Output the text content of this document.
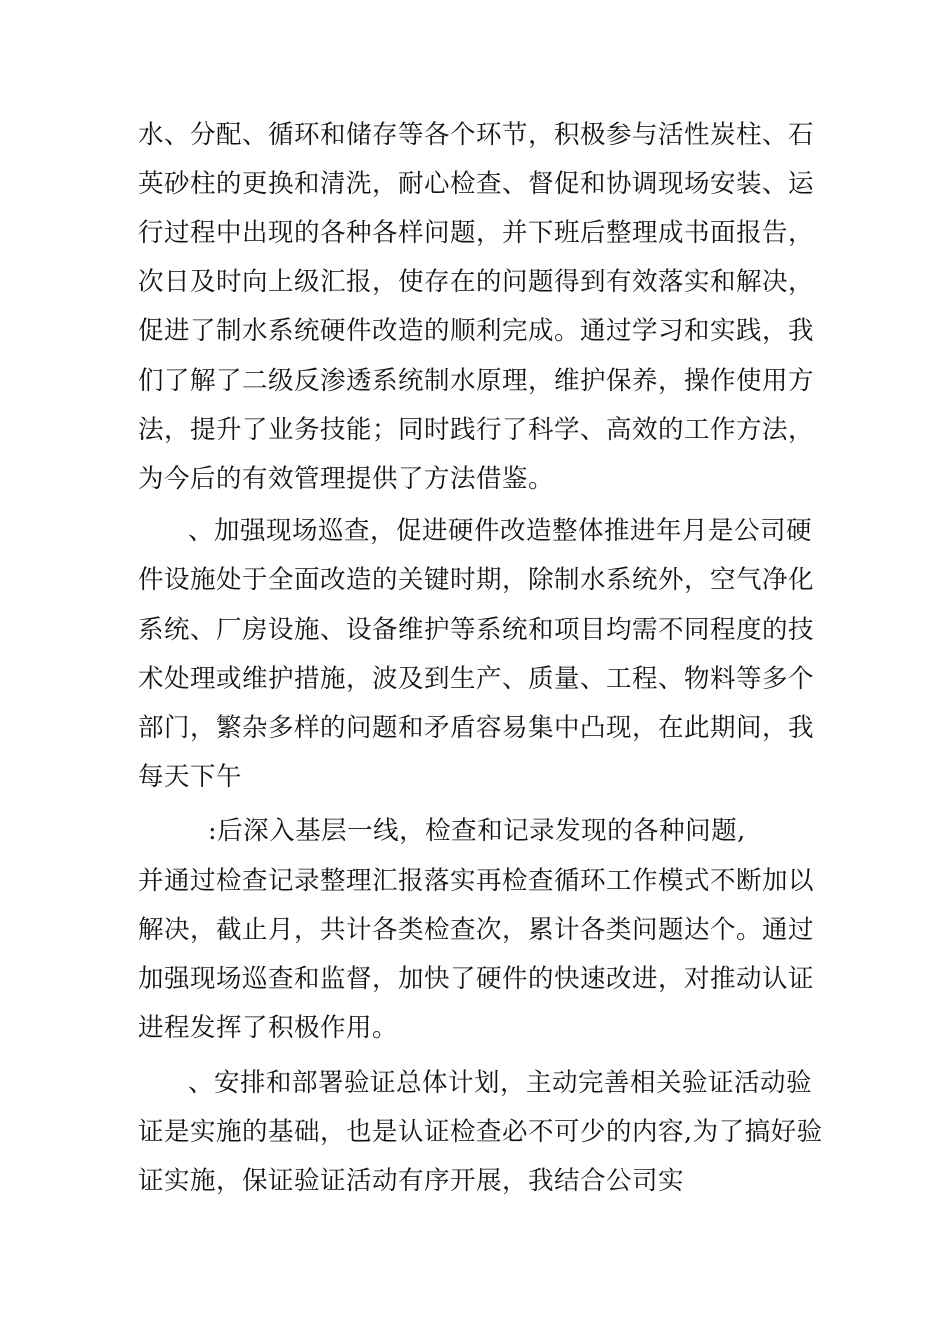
水、分配、循环和储存等各个环节，积极参与活性炭柱、石
英砂柱的更换和清洗，耐心检查、督促和协调现场安装、运
行过程中出现的各种各样问题，并下班后整理成书面报告，
次日及时向上级汇报，使存在的问题得到有效落实和解决，
促进了制水系统硬件改造的顺利完成。通过学习和实践，我
们了解了二级反渗透系统制水原理，维护保养，操作使用方
法，提升了业务技能；同时践行了科学、高效的工作方法，
为今后的有效管理提供了方法借鉴。
、加强现场巡查，促进硬件改造整体推进年月是公司硬
件设施处于全面改造的关键时期，除制水系统外，空气净化
系统、厂房设施、设备维护等系统和项目均需不同程度的技
术处理或维护措施，波及到生产、质量、工程、物料等多个
部门，繁杂多样的问题和矛盾容易集中凸现，在此期间，我
每天下午
:后深入基层一线，检查和记录发现的各种问题,
并通过检查记录整理汇报落实再检查循环工作模式不断加以
解决，截止月，共计各类检查次，累计各类问题达个。通过
加强现场巡查和监督，加快了硬件的快速改进，对推动认证
进程发挥了积极作用。
、安排和部署验证总体计划，主动完善相关验证活动验
证是实施的基础，也是认证检查必不可少的内容,为了搞好验
证实施，保证验证活动有序开展，我结合公司实
